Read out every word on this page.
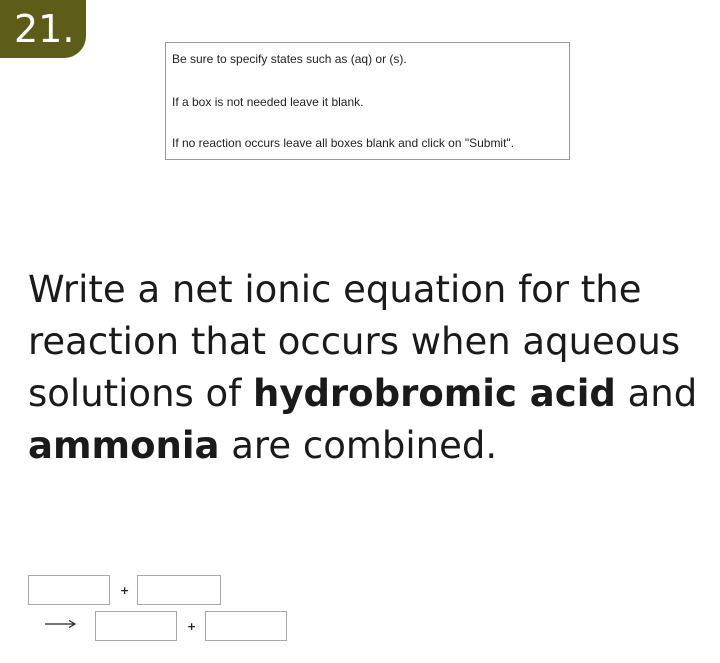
21.
Be sure to specify states such as (aq) or (s).
If a box is not needed leave it blank.
If no reaction occurs leave all boxes blank and click on "Submit".
Write a net ionic equation for the reaction that occurs when aqueous solutions of hydrobromic acid and ammonia are combined.
+
+
